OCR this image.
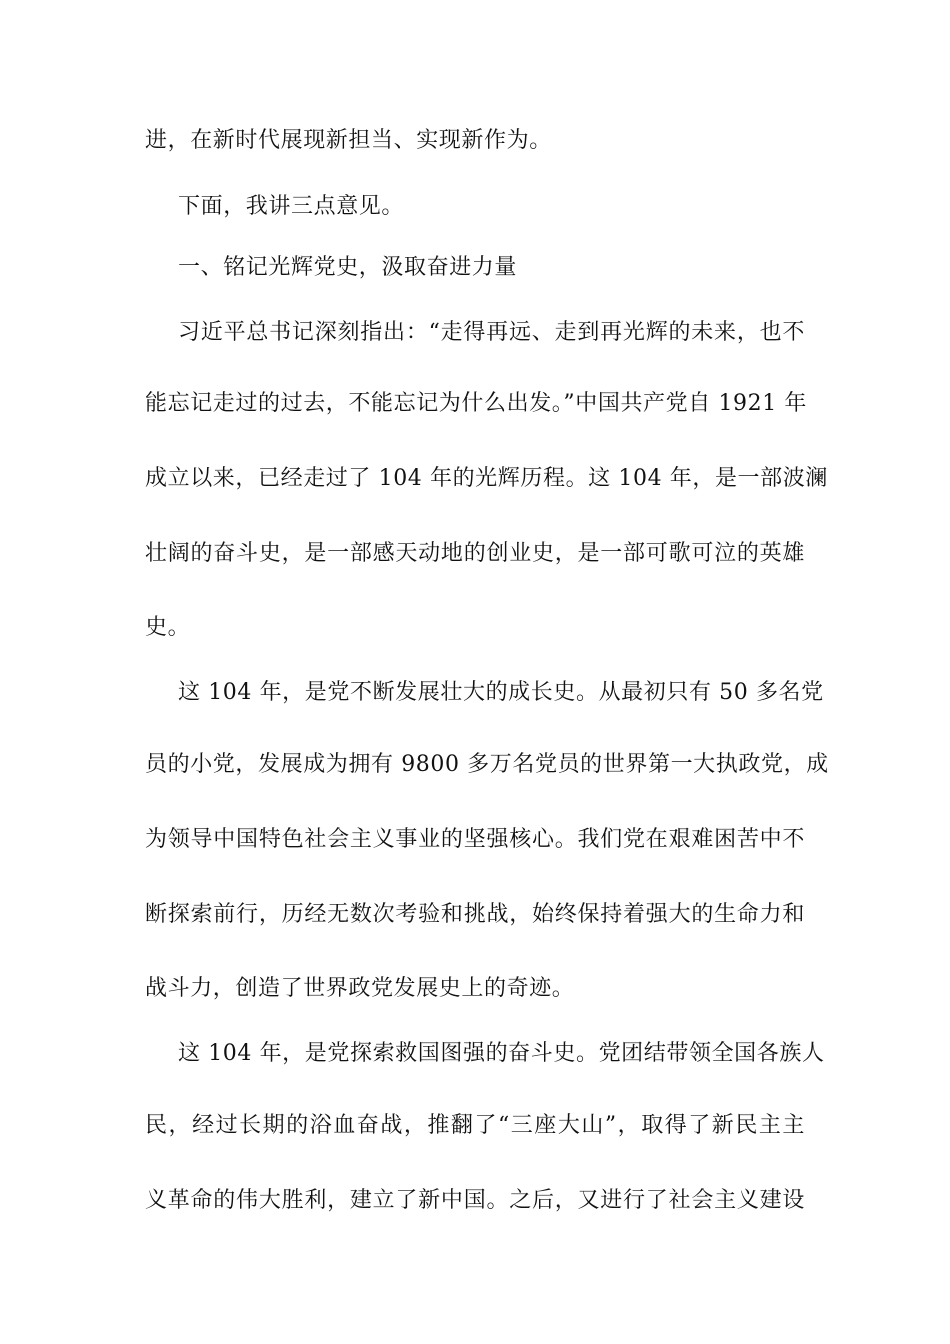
进，在新时代展现新担当、实现新作为。

下面，我讲三点意见。

一、铭记光辉党史，汲取奋进力量

习近平总书记深刻指出：“走得再远、走到再光辉的未来，也不

能忘记走过的过去，不能忘记为什么出发。”中国共产党自 1921 年

成立以来，已经走过了 104 年的光辉历程。这 104 年，是一部波澜

壮阔的奋斗史，是一部感天动地的创业史，是一部可歌可泣的英雄

史。

这 104 年，是党不断发展壮大的成长史。从最初只有 50 多名党

员的小党，发展成为拥有 9800 多万名党员的世界第一大执政党，成

为领导中国特色社会主义事业的坚强核心。我们党在艰难困苦中不

断探索前行，历经无数次考验和挑战，始终保持着强大的生命力和

战斗力，创造了世界政党发展史上的奇迹。

这 104 年，是党探索救国图强的奋斗史。党团结带领全国各族人

民，经过长期的浴血奋战，推翻了“三座大山”，取得了新民主主

义革命的伟大胜利，建立了新中国。之后，又进行了社会主义建设
